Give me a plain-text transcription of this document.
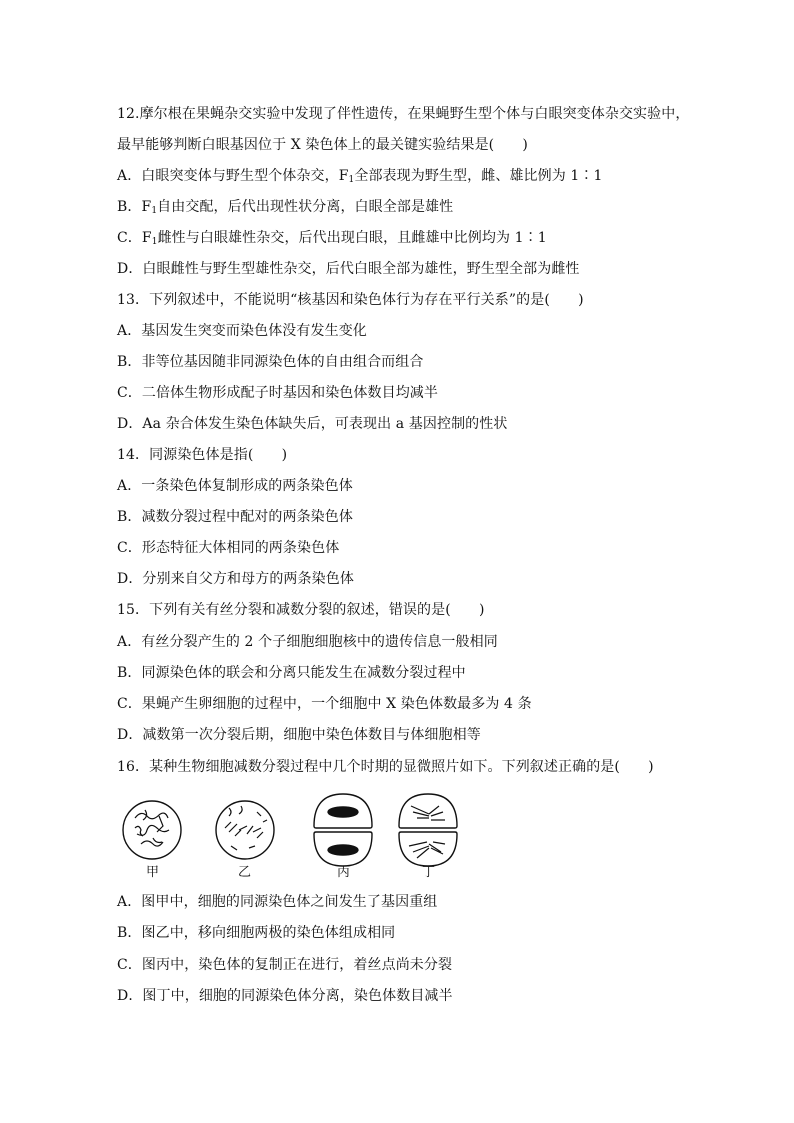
12.摩尔根在果蝇杂交实验中发现了伴性遗传，在果蝇野生型个体与白眼突变体杂交实验中，
最早能够判断白眼基因位于 X 染色体上的最关键实验结果是(　　)
A．白眼突变体与野生型个体杂交，$F_1$全部表现为野生型，雌、雄比例为 1∶1
B．$F_1$自由交配，后代出现性状分离，白眼全部是雄性
C．$F_1$雌性与白眼雄性杂交，后代出现白眼，且雌雄中比例均为 1∶1
D．白眼雌性与野生型雄性杂交，后代白眼全部为雄性，野生型全部为雌性
13．下列叙述中，不能说明“核基因和染色体行为存在平行关系”的是(　　)
A．基因发生突变而染色体没有发生变化
B．非等位基因随非同源染色体的自由组合而组合
C．二倍体生物形成配子时基因和染色体数目均减半
D．Aa 杂合体发生染色体缺失后，可表现出 a 基因控制的性状
14．同源染色体是指(　　)
A．一条染色体复制形成的两条染色体
B．减数分裂过程中配对的两条染色体
C．形态特征大体相同的两条染色体
D．分别来自父方和母方的两条染色体
15．下列有关有丝分裂和减数分裂的叙述，错误的是(　　)
A．有丝分裂产生的 2 个子细胞细胞核中的遗传信息一般相同
B．同源染色体的联会和分离只能发生在减数分裂过程中
C．果蝇产生卵细胞的过程中，一个细胞中 X 染色体数最多为 4 条
D．减数第一次分裂后期，细胞中染色体数目与体细胞相等
16．某种生物细胞减数分裂过程中几个时期的显微照片如下。下列叙述正确的是(　　)
甲	乙	丙	丁
A．图甲中，细胞的同源染色体之间发生了基因重组
B．图乙中，移向细胞两极的染色体组成相同
C．图丙中，染色体的复制正在进行，着丝点尚未分裂
D．图丁中，细胞的同源染色体分离，染色体数目减半
